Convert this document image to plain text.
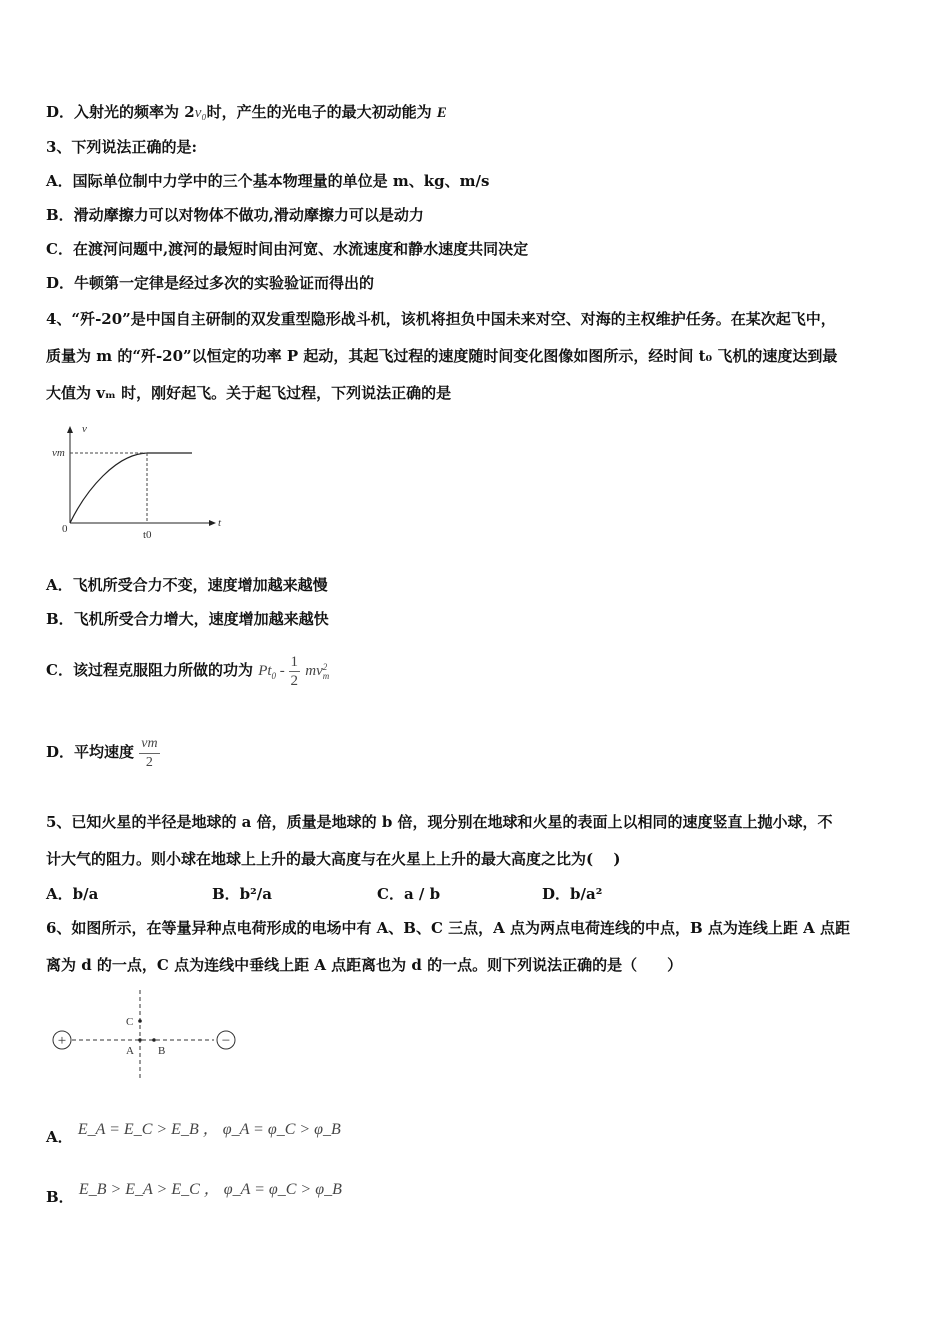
D．入射光的频率为 2ν₀时，产生的光电子的最大初动能为 E
3、下列说法正确的是:
A．国际单位制中力学中的三个基本物理量的单位是 m、kg、m/s
B．滑动摩擦力可以对物体不做功,滑动摩擦力可以是动力
C．在渡河问题中,渡河的最短时间由河宽、水流速度和静水速度共同决定
D．牛顿第一定律是经过多次的实验验证而得出的
4、“歼-20”是中国自主研制的双发重型隐形战斗机，该机将担负中国未来对空、对海的主权维护任务。在某次起飞中，
质量为 m 的“歼-20”以恒定的功率 P 起动，其起飞过程的速度随时间变化图像如图所示，经时间 t₀ 飞机的速度达到最
大值为 vₘ 时，刚好起飞。关于起飞过程，下列说法正确的是
v
t
vm
0	t0
A．飞机所受合力不变，速度增加越来越慢
B．飞机所受合力增大，速度增加越来越快
C．该过程克服阻力所做的功为 $Pt_0 - \frac{1}{2}$ mv 2
m
D．平均速度 $\frac{vm}{2}$
5、已知火星的半径是地球的 a 倍，质量是地球的 b 倍，现分别在地球和火星的表面上以相同的速度竖直上抛小球，不
计大气的阻力。则小球在地球上上升的最大高度与在火星上上升的最大高度之比为(　 )
A．b/a	B．b²/a	C．a / b	D．b/a²
6、如图所示，在等量异种点电荷形成的电场中有 A、B、C 三点，A 点为两点电荷连线的中点，B 点为连线上距 A 点距
离为 d 的一点，C 点为连线中垂线上距 A 点距离也为 d 的一点。则下列说法正确的是（　　）
+	−
A B
C
A． E_A = E_C > E_B ， φ_A = φ_C > φ_B
B． E_B > E_A > E_C ， φ_A = φ_C > φ_B
